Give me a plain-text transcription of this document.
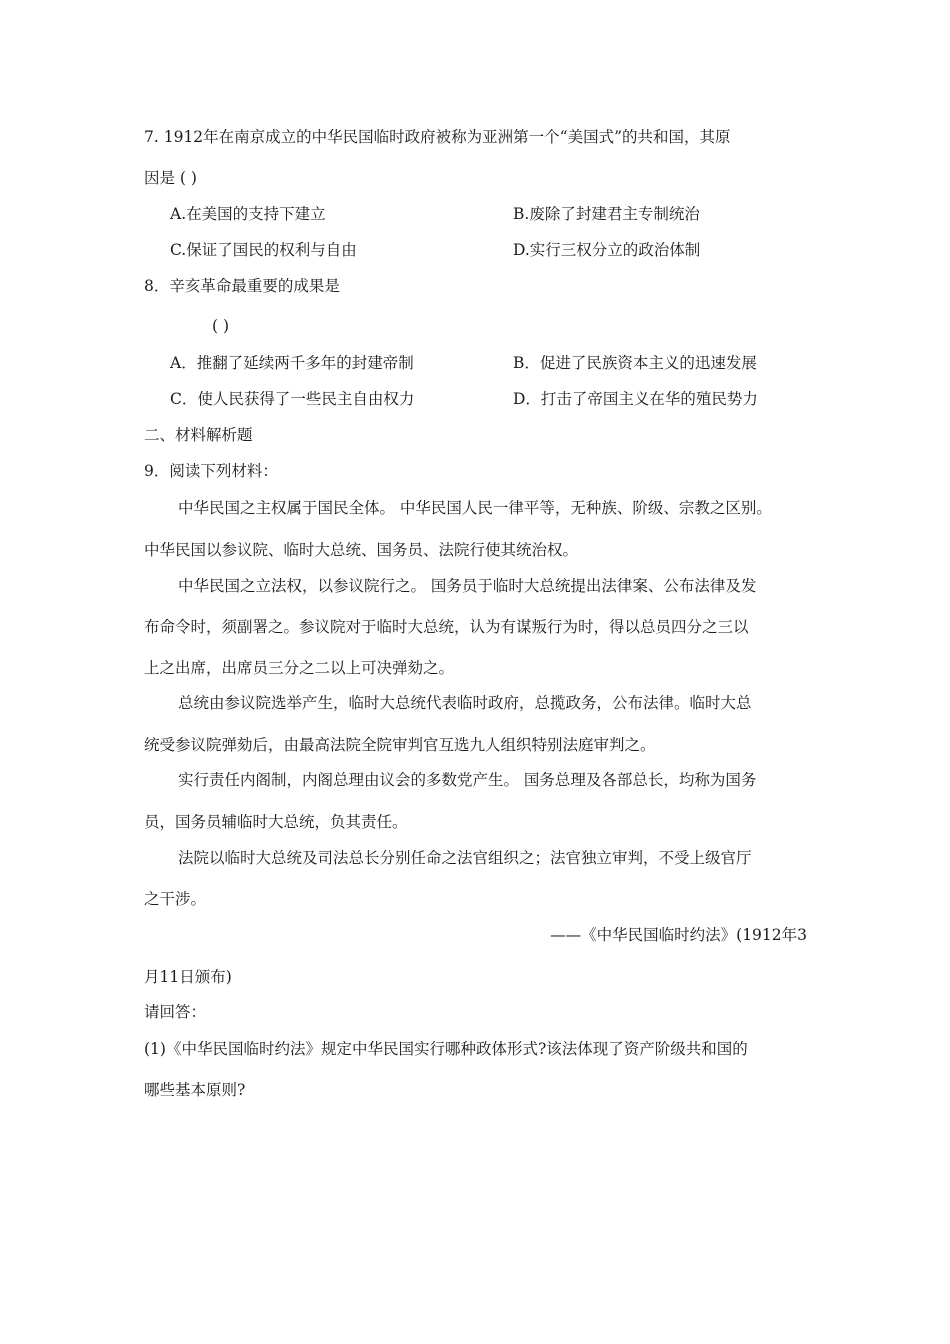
7. 1912年在南京成立的中华民国临时政府被称为亚洲第一个“美国式”的共和国，其原
因是 ( )
A.在美国的支持下建立	B.废除了封建君主专制统治
C.保证了国民的权利与自由	D.实行三权分立的政治体制
8．辛亥革命最重要的成果是
( )
A．推翻了延续两千多年的封建帝制	B．促进了民族资本主义的迅速发展
C．使人民获得了一些民主自由权力	D．打击了帝国主义在华的殖民势力
二、材料解析题
9．阅读下列材料：
中华民国之主权属于国民全体。 中华民国人民一律平等，无种族、阶级、宗教之区别。
中华民国以参议院、临时大总统、国务员、法院行使其统治权。
中华民国之立法权，以参议院行之。 国务员于临时大总统提出法律案、公布法律及发
布命令时，须副署之。参议院对于临时大总统，认为有谋叛行为时，得以总员四分之三以
上之出席，出席员三分之二以上可决弹劾之。
总统由参议院选举产生，临时大总统代表临时政府，总揽政务，公布法律。临时大总
统受参议院弹劾后，由最高法院全院审判官互选九人组织特别法庭审判之。
实行责任内阁制，内阁总理由议会的多数党产生。 国务总理及各部总长，均称为国务
员，国务员辅临时大总统，负其责任。
法院以临时大总统及司法总长分别任命之法官组织之；法官独立审判，不受上级官厅
之干涉。
——《中华民国临时约法》(1912年3
月11日颁布)
请回答：
(1)《中华民国临时约法》规定中华民国实行哪种政体形式?该法体现了资产阶级共和国的
哪些基本原则?
